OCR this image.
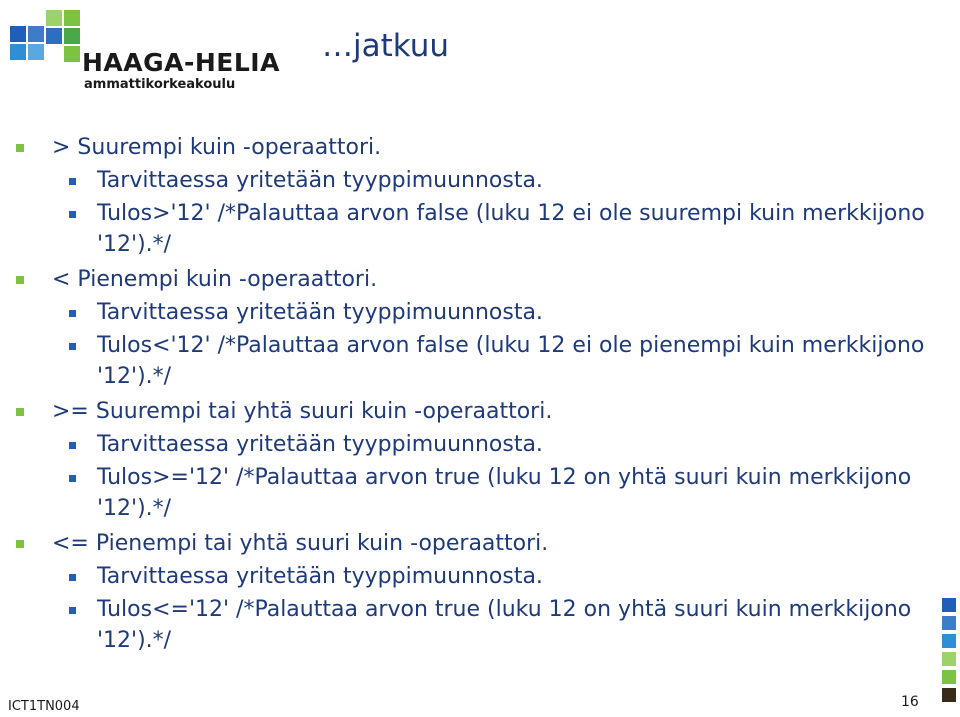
HAAGA-HELIA
ammattikorkeakoulu
…jatkuu
> Suurempi kuin -operaattori.
Tarvittaessa yritetään tyyppimuunnosta.
Tulos>'12' /*Palauttaa arvon false (luku 12 ei ole suurempi kuin merkkijono '12').*/
< Pienempi kuin -operaattori.
Tarvittaessa yritetään tyyppimuunnosta.
Tulos<'12' /*Palauttaa arvon false (luku 12 ei ole pienempi kuin merkkijono '12').*/
>= Suurempi tai yhtä suuri kuin -operaattori.
Tarvittaessa yritetään tyyppimuunnosta.
Tulos>='12' /*Palauttaa arvon true (luku 12 on yhtä suuri kuin merkkijono '12').*/
<= Pienempi tai yhtä suuri kuin -operaattori.
Tarvittaessa yritetään tyyppimuunnosta.
Tulos<='12' /*Palauttaa arvon true (luku 12 on yhtä suuri kuin merkkijono '12').*/
ICT1TN004	16
